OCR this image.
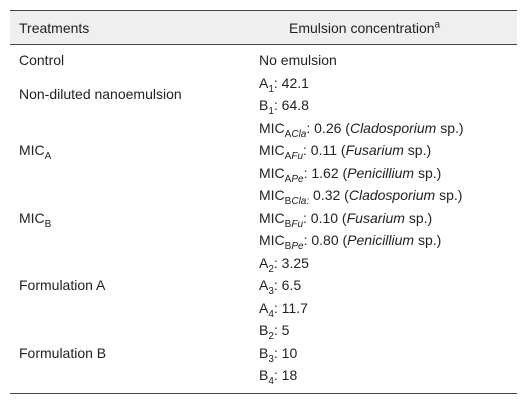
Treatments	Emulsion concentration$^a$
Control	No emulsion

Non-diluted nanoemulsion	$A_1$: 42.1
$B_1$: 64.8

$MIC_A$	$MIC_{ACla}$: 0.26 (Cladosporium sp.)
$MIC_{AFu}$: 0.11 (Fusarium sp.)
$MIC_{APe}$: 1.62 (Penicillium sp.)

$MIC_B$	$MIC_{BCla:}$ 0.32 (Cladosporium sp.)
$MIC_{BFu}$: 0.10 (Fusarium sp.)
$MIC_{BPe}$: 0.80 (Penicillium sp.)

Formulation A	$A_2$: 3.25
$A_3$: 6.5
$A_4$: 11.7

Formulation B	$B_2$: 5
$B_3$: 10
$B_4$: 18
